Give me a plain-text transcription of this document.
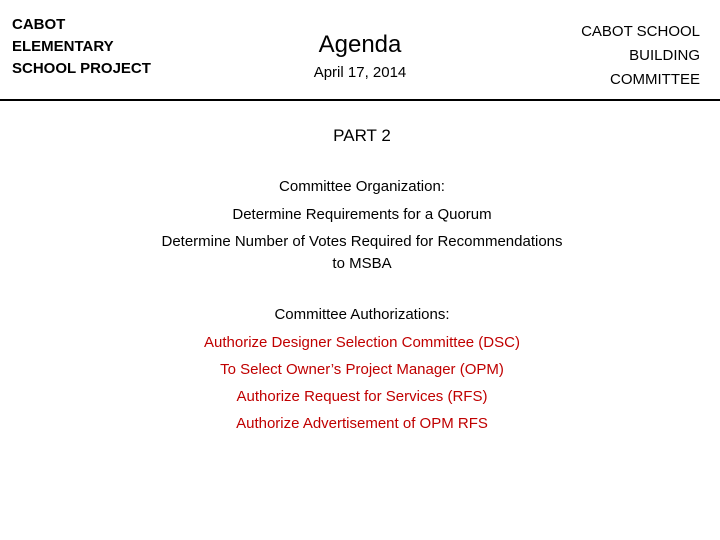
CABOT
ELEMENTARY
SCHOOL PROJECT
Agenda
April 17, 2014
CABOT SCHOOL
BUILDING
COMMITTEE
PART 2
Committee Organization:
Determine Requirements for a Quorum
Determine Number of Votes Required for Recommendations to MSBA
Committee Authorizations:
Authorize Designer Selection Committee (DSC)
To Select Owner’s Project Manager (OPM)
Authorize Request for Services (RFS)
Authorize Advertisement of OPM RFS
